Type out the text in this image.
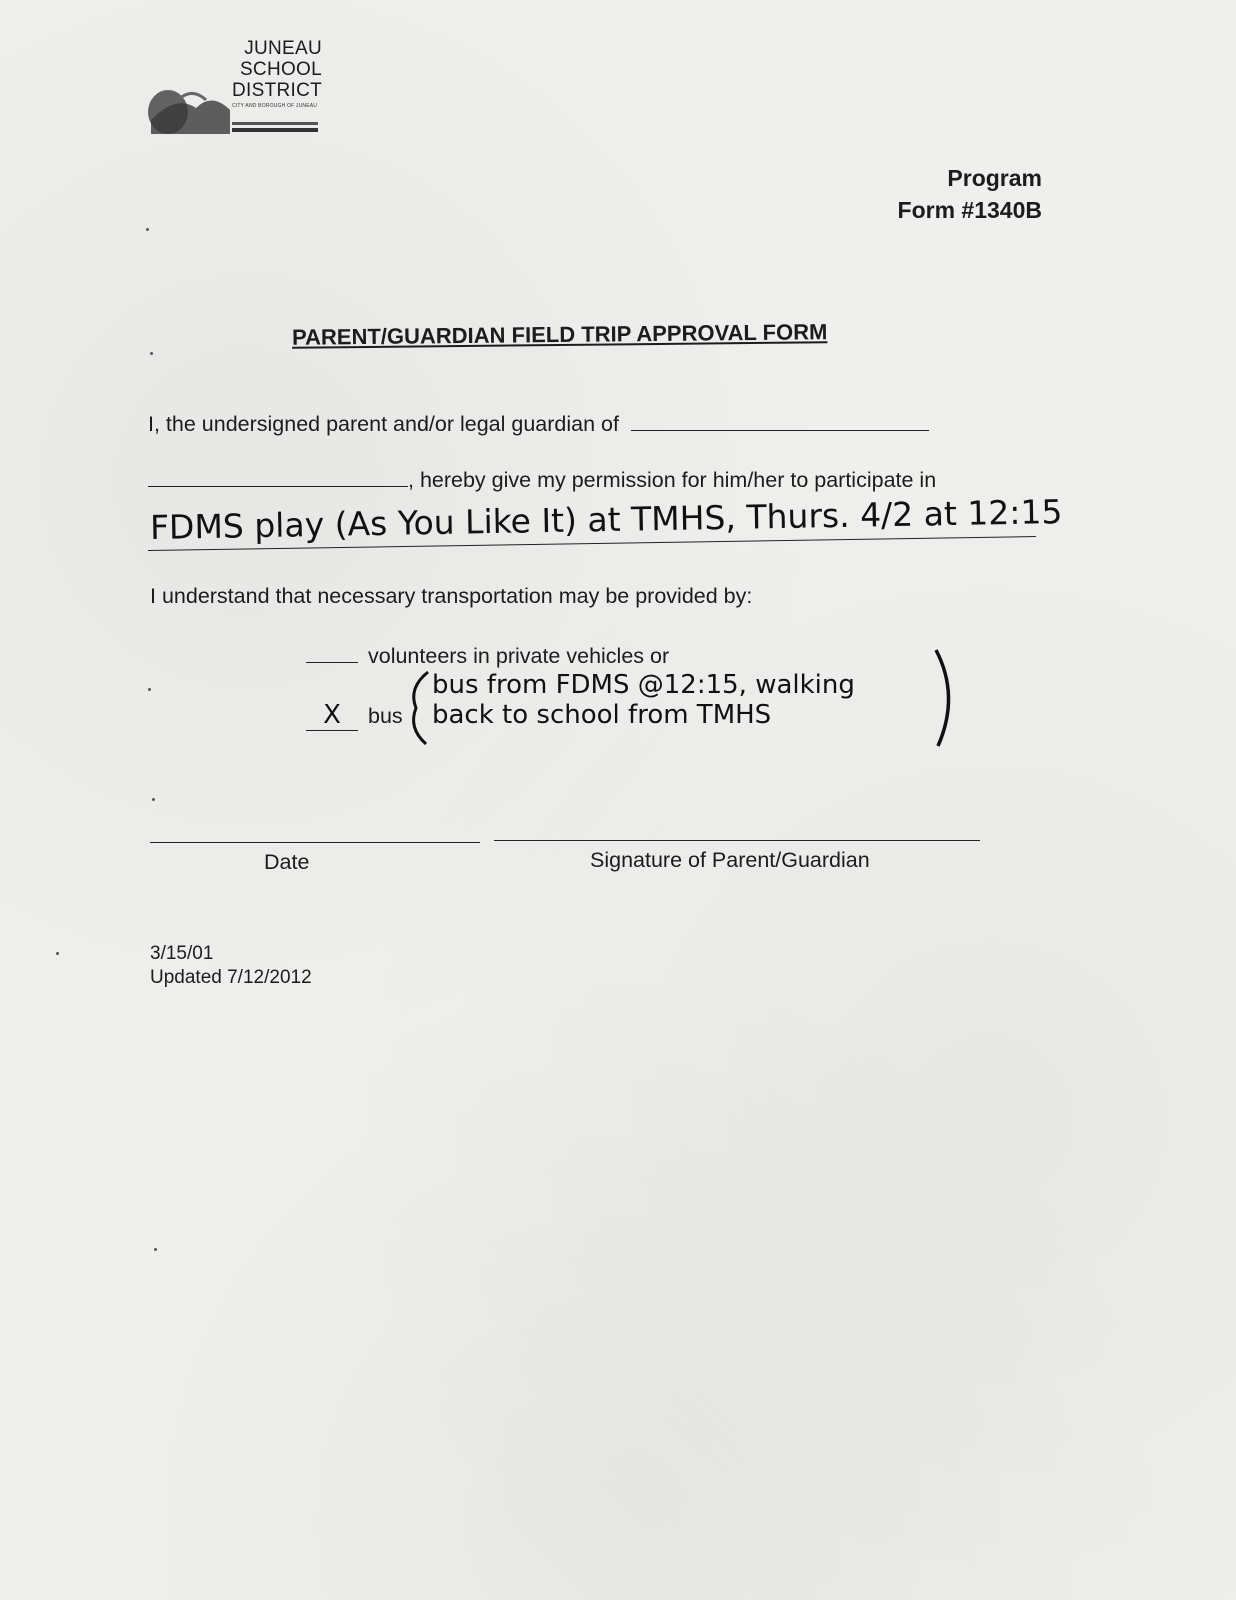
JUNEAU
SCHOOL
DISTRICT
CITY AND BOROUGH OF JUNEAU
Program
Form #1340B
PARENT/GUARDIAN FIELD TRIP APPROVAL FORM
I, the undersigned parent and/or legal guardian of
, hereby give my permission for him/her to participate in
FDMS play (As You Like It) at TMHS, Thurs. 4/2 at 12:15
I understand that necessary transportation may be provided by:
volunteers in private vehicles or
X bus
bus from FDMS @12:15, walking
back to school from TMHS
Date	Signature of Parent/Guardian
3/15/01
Updated 7/12/2012
